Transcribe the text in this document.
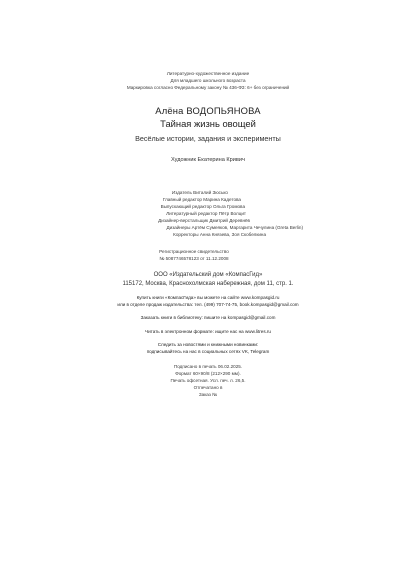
Литературно-художественное издание
Для младшего школьного возраста
Маркировка согласно Федеральному закону № 436-ФЗ: 6+ без ограничений
Алёна ВОДОПЬЯНОВА
Тайная жизнь овощей
Весёлые истории, задания и эксперименты
Художник Екатерина Кривич
Издатель Виталий Зюсько
Главный редактор Марина Кадетова
Выпускающий редактор Ольга Громова
Литературный редактор Пётр Волцит
Дизайнер-верстальщик Дмитрий Деревнёв
Дизайнеры Артём Сумеяков, Маргарита Чечулина (Greta Berlin)
Корректоры Анна Князева, Зоя Скобелкина
Регистрационное свидетельство
№ 5087746578123 от 11.12.2008
ООО «Издательский дом «КомпасГид»
115172, Москва, Краснохолмская набережная, дом 11, стр. 1.
Купить книги «КомпасГида» вы можете на сайте www.kompasgid.ru
или в отделе продаж издательства: тел. (499) 707-74-75, book.kompasgid@gmail.com
Заказать книги в библиотеку: пишите на kompasgid@gmail.com
Читать в электронном формате: ищите нас на www.litres.ru
Следить за новостями и книжными новинками:
подписывайтесь на нас в социальных сетях VK, Telegram
Подписано в печать 06.02.2025.
Формат 60×90/8 (212×290 мм).
Печать офсетная. Усл. печ. л. 26,5.
Отпечатано в
Заказ №
